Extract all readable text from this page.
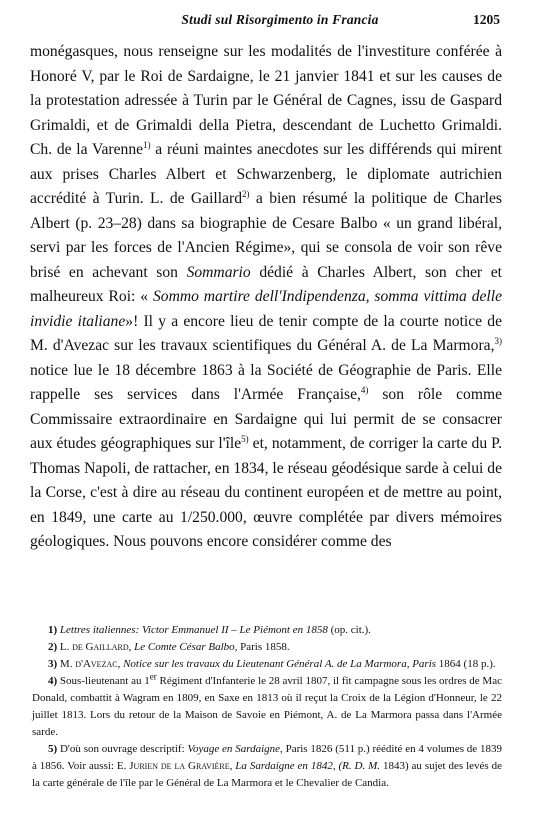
Studi sul Risorgimento in Francia	1205
monégasques, nous renseigne sur les modalités de l'investiture conférée à Honoré V, par le Roi de Sardaigne, le 21 janvier 1841 et sur les causes de la protestation adressée à Turin par le Général de Cagnes, issu de Gaspard Grimaldi, et de Grimaldi della Pietra, descendant de Luchetto Grimaldi. Ch. de la Varenne$^{1)}$ a réuni maintes anecdotes sur les différends qui mirent aux prises Charles Albert et Schwarzenberg, le diplomate autrichien accrédité à Turin. L. de Gaillard$^{2)}$ a bien résumé la politique de Charles Albert (p. 23–28) dans sa biographie de Cesare Balbo « un grand libéral, servi par les forces de l'Ancien Régime», qui se consola de voir son rêve brisé en achevant son Sommario dédié à Charles Albert, son cher et malheureux Roi: « Sommo martire dell'Indipendenza, somma vittima delle invidie italiane»! Il y a encore lieu de tenir compte de la courte notice de M. d'Avezac sur les travaux scientifiques du Général A. de La Marmora,$^{3)}$ notice lue le 18 décembre 1863 à la Société de Géographie de Paris. Elle rappelle ses services dans l'Armée Française,$^{4)}$ son rôle comme Commissaire extraordinaire en Sardaigne qui lui permit de se consacrer aux études géographiques sur l'île$^{5)}$ et, notamment, de corriger la carte du P. Thomas Napoli, de rattacher, en 1834, le réseau géodésique sarde à celui de la Corse, c'est à dire au réseau du continent européen et de mettre au point, en 1849, une carte au 1/250.000, œuvre complétée par divers mémoires géologiques. Nous pouvons encore considérer comme des

1) Lettres italiennes: Victor Emmanuel II – Le Piémont en 1858 (op. cit.).

2) L. de Gaillard, Le Comte César Balbo, Paris 1858.

3) M. d'Avezac, Notice sur les travaux du Lieutenant Général A. de La Marmora, Paris 1864 (18 p.).

4) Sous-lieutenant au 1er Régiment d'Infanterie le 28 avril 1807, il fit campagne sous les ordres de Mac Donald, combattit à Wagram en 1809, en Saxe en 1813 où il reçut la Croix de la Légion d'Honneur, le 22 juillet 1813. Lors du retour de la Maison de Savoie en Piémont, A. de La Marmora passa dans l'Armée sarde.

5) D'où son ouvrage descriptif: Voyage en Sardaigne, Paris 1826 (511 p.) réédité en 4 volumes de 1839 à 1856. Voir aussi: E. Jurien de la Gravière, La Sardaigne en 1842, (R. D. M. 1843) au sujet des levés de la carte générale de l'île par le Général de La Marmora et le Chevalier de Candia.
